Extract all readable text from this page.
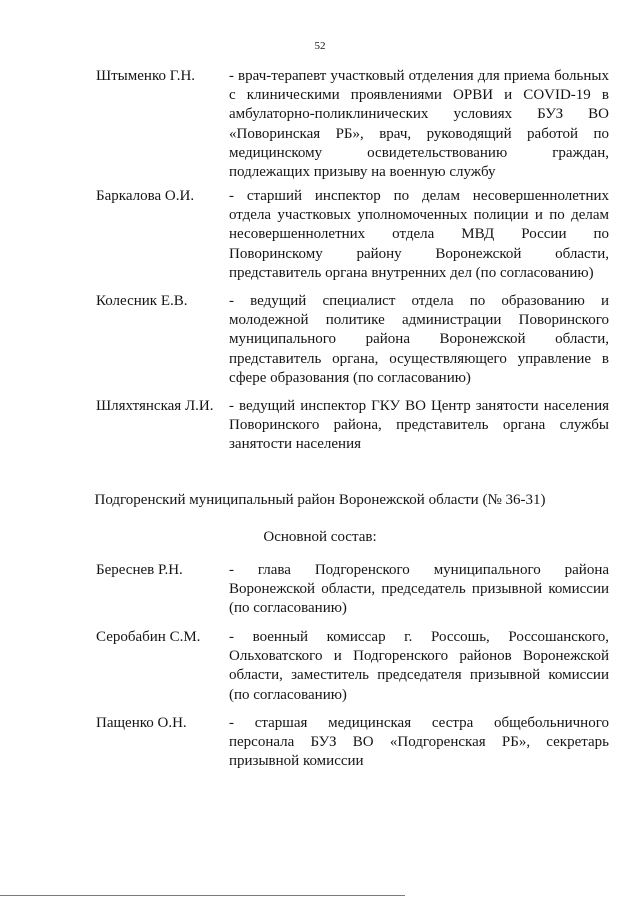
52
Штыменко Г.Н. - врач-терапевт участковый отделения для приема больных с клиническими проявлениями ОРВИ и COVID-19 в амбулаторно-поликлинических условиях БУЗ ВО «Поворинская РБ», врач, руководящий работой по медицинскому освидетельствованию граждан, подлежащих призыву на военную службу
Баркалова О.И. - старший инспектор по делам несовершеннолетних отдела участковых уполномоченных полиции и по делам несовершеннолетних отдела МВД России по Поворинскому району Воронежской области, представитель органа внутренних дел (по согласованию)
Колесник Е.В.	- ведущий специалист отдела по образованию и молодежной политике администрации Поворинского муниципального района Воронежской области, представитель органа, осуществляющего управление в сфере образования (по согласованию)
Шляхтянская Л.И. - ведущий инспектор ГКУ ВО Центр занятости населения Поворинского района, представитель органа службы занятости населения
Подгоренский муниципальный район Воронежской области (№ 36-31)
Основной состав:
Береснев Р.Н.	- глава Подгоренского муниципального района Воронежской области, председатель призывной комиссии (по согласованию)
Серобабин С.М. - военный комиссар г. Россошь, Россошанского, Ольховатского и Подгоренского районов Воронежской области, заместитель председателя призывной комиссии (по согласованию)
Пащенко О.Н.	- старшая медицинская сестра общебольничного персонала БУЗ ВО «Подгоренская РБ», секретарь призывной комиссии
